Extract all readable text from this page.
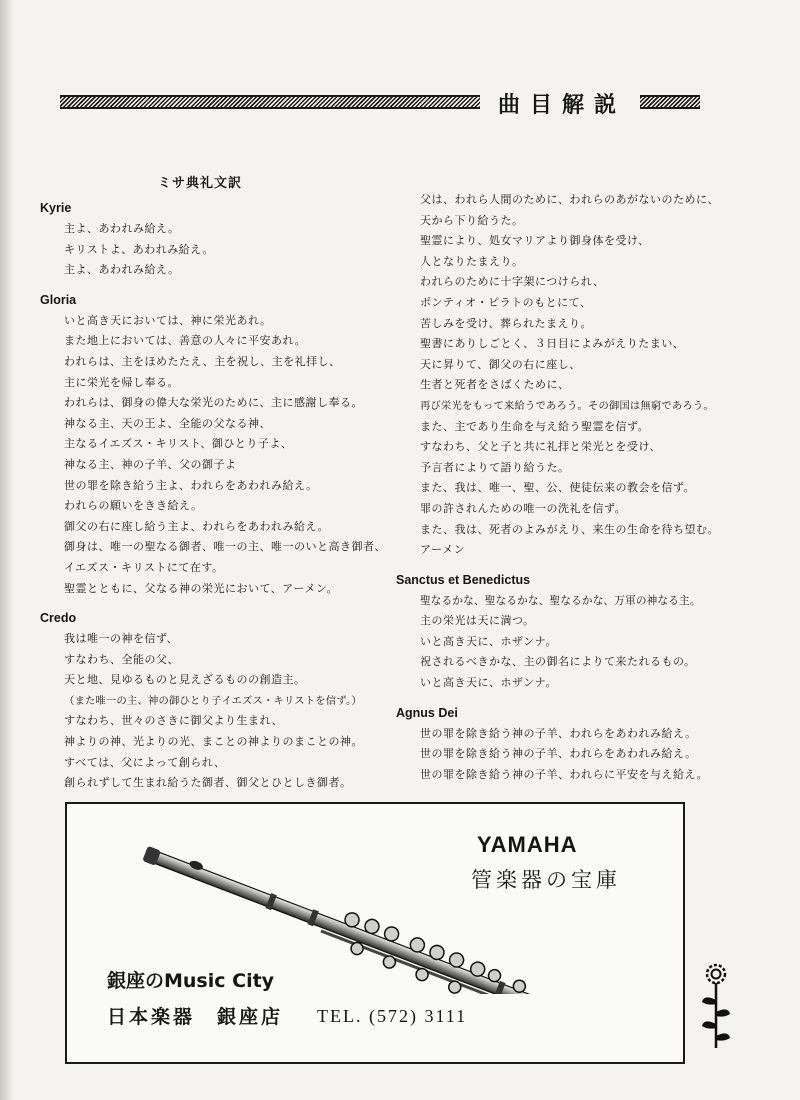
曲目解説
ミサ典礼文訳
Kyrie
主よ、あわれみ給え。
キリストよ、あわれみ給え。
主よ、あわれみ給え。
Gloria
いと高き天においては、神に栄光あれ。
また地上においては、善意の人々に平安あれ。
われらは、主をほめたたえ、主を祝し、主を礼拝し、
主に栄光を帰し奉る。
われらは、御身の偉大な栄光のために、主に感謝し奉る。
神なる主、天の王よ、全能の父なる神、
主なるイエズス・キリスト、御ひとり子よ、
神なる主、神の子羊、父の御子よ
世の罪を除き給う主よ、われらをあわれみ給え。
われらの願いをきき給え。
御父の右に座し給う主よ、われらをあわれみ給え。
御身は、唯一の聖なる御者、唯一の主、唯一のいと高き御者、
イエズス・キリストにて在す。
聖霊とともに、父なる神の栄光において、アーメン。
Credo
我は唯一の神を信ず、
すなわち、全能の父、
天と地、見ゆるものと見えざるものの創造主。
（また唯一の主、神の御ひとり子イエズス・キリストを信ず。）
すなわち、世々のさきに御父より生まれ、
神よりの神、光よりの光、まことの神よりのまことの神。
すべては、父によって創られ、
創られずして生まれ給うた御者、御父とひとしき御者。
父は、われら人間のために、われらのあがないのために、
天から下り給うた。
聖霊により、処女マリアより御身体を受け、
人となりたまえり。
われらのために十字架につけられ、
ポンティオ・ピラトのもとにて、
苦しみを受け、葬られたまえり。
聖書にありしごとく、３日目によみがえりたまい、
天に昇りて、御父の右に座し、
生者と死者をさばくために、
再び栄光をもって来給うであろう。その御国は無窮であろう。
また、主であり生命を与え給う聖霊を信ず。
すなわち、父と子と共に礼拝と栄光とを受け、
予言者によりて語り給うた。
また、我は、唯一、聖、公、使徒伝来の教会を信ず。
罪の許されんための唯一の洗礼を信ず。
また、我は、死者のよみがえり、来生の生命を待ち望む。
アーメン
Sanctus et Benedictus
聖なるかな、聖なるかな、聖なるかな、万軍の神なる主。
主の栄光は天に満つ。
いと高き天に、ホザンナ。
祝されるべきかな、主の御名によりて来たれるもの。
いと高き天に、ホザンナ。
Agnus Dei
世の罪を除き給う神の子羊、われらをあわれみ給え。
世の罪を除き給う神の子羊、われらをあわれみ給え。
世の罪を除き給う神の子羊、われらに平安を与え給え。
YAMAHA
管楽器の宝庫
銀座のMusic City
日本楽器　銀座店 TEL. (572) 3111
